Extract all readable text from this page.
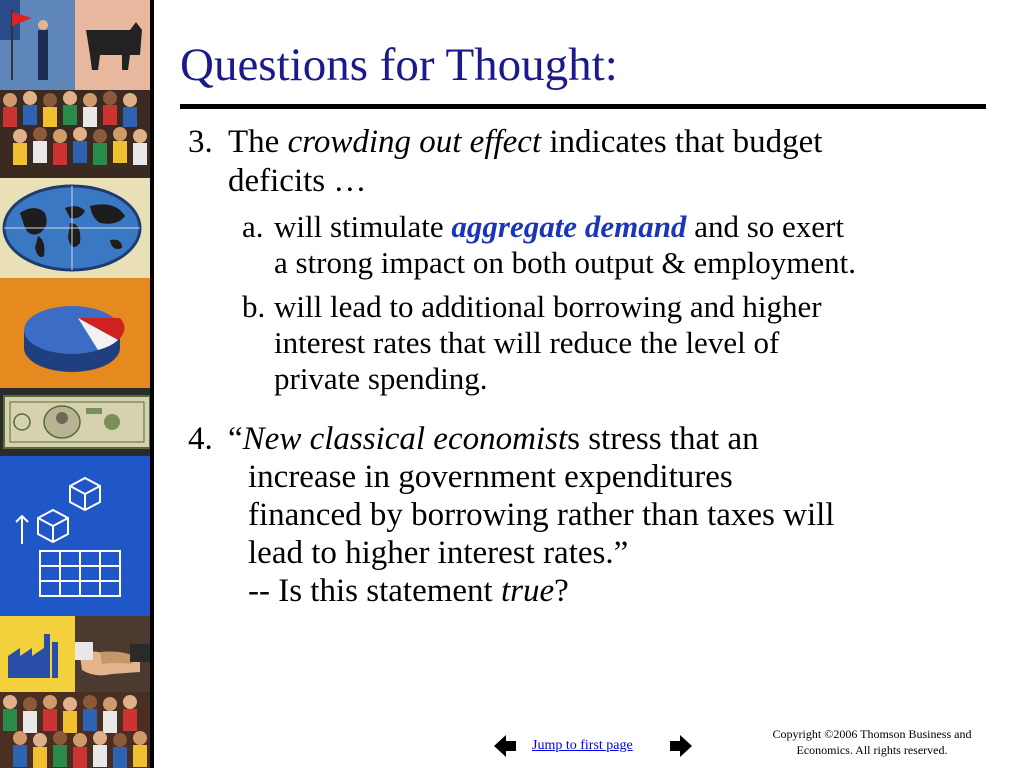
Questions for Thought:
3. The crowding out effect indicates that budget
deficits …
a. will stimulate aggregate demand and so exert
a strong impact on both output & employment.
b. will lead to additional borrowing and higher
interest rates that will reduce the level of
private spending.
4. “New classical economists stress that an
increase in government expenditures
financed by borrowing rather than taxes will
lead to higher interest rates.”
-- Is this statement true?
Jump to first page
Copyright ©2006 Thomson Business and
Economics. All rights reserved.
